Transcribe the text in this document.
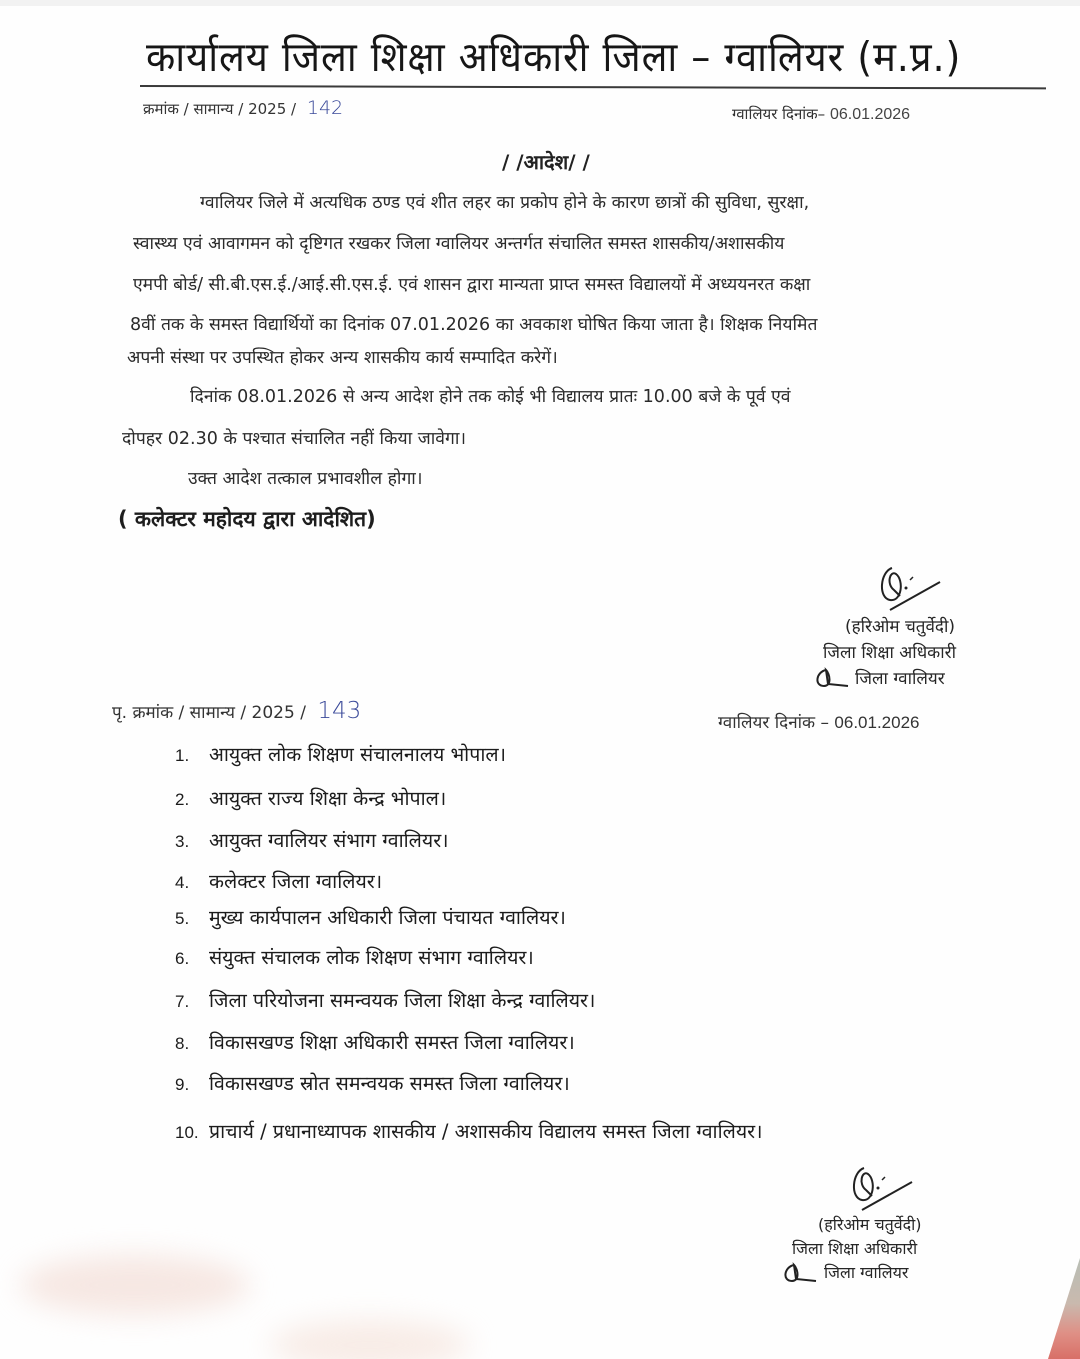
कार्यालय जिला शिक्षा अधिकारी जिला – ग्वालियर (म.प्र.)
क्रमांक / सामान्य / 2025 / 142	ग्वालियर दिनांक– 06.01.2026
/ /आदेश/ /
ग्वालियर जिले में अत्यधिक ठण्ड एवं शीत लहर का प्रकोप होने के कारण छात्रों की सुविधा, सुरक्षा,
स्वास्थ्य एवं आवागमन को दृष्टिगत रखकर जिला ग्वालियर अन्तर्गत संचालित समस्त शासकीय/अशासकीय
एमपी बोर्ड/ सी.बी.एस.ई./आई.सी.एस.ई. एवं शासन द्वारा मान्यता प्राप्त समस्त विद्यालयों में अध्ययनरत कक्षा
8वीं तक के समस्त विद्यार्थियों का दिनांक 07.01.2026 का अवकाश घोषित किया जाता है। शिक्षक नियमित
अपनी संस्था पर उपस्थित होकर अन्य शासकीय कार्य सम्पादित करेगें।
दिनांक 08.01.2026 से अन्य आदेश होने तक कोई भी विद्यालय प्रातः 10.00 बजे के पूर्व एवं
दोपहर 02.30 के पश्चात संचालित नहीं किया जावेगा।
उक्त आदेश तत्काल प्रभावशील होगा।
( कलेक्टर महोदय द्वारा आदेशित)
(हरिओम चतुर्वेदी)
जिला शिक्षा अधिकारी
जिला ग्वालियर
पृ. क्रमांक / सामान्य / 2025 / 143	ग्वालियर दिनांक – 06.01.2026
1. आयुक्त लोक शिक्षण संचालनालय भोपाल।
2. आयुक्त राज्य शिक्षा केन्द्र भोपाल।
3. आयुक्त ग्वालियर संभाग ग्वालियर।
4. कलेक्टर जिला ग्वालियर।
5. मुख्य कार्यपालन अधिकारी जिला पंचायत ग्वालियर।
6. संयुक्त संचालक लोक शिक्षण संभाग ग्वालियर।
7. जिला परियोजना समन्वयक जिला शिक्षा केन्द्र ग्वालियर।
8. विकासखण्ड शिक्षा अधिकारी समस्त जिला ग्वालियर।
9. विकासखण्ड स्रोत समन्वयक समस्त जिला ग्वालियर।
10. प्राचार्य / प्रधानाध्यापक शासकीय / अशासकीय विद्यालय समस्त जिला ग्वालियर।
(हरिओम चतुर्वेदी)
जिला शिक्षा अधिकारी
जिला ग्वालियर
